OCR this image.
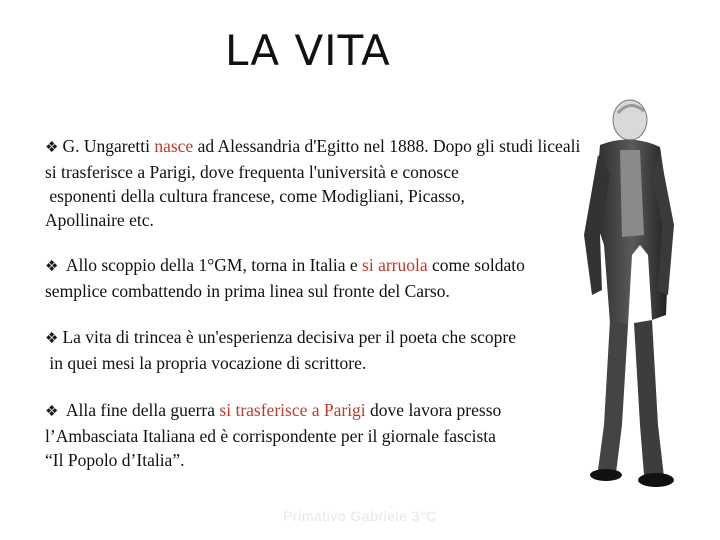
LA VITA
❖ G. Ungaretti nasce ad Alessandria d'Egitto nel 1888. Dopo gli studi liceali
si trasferisce a Parigi, dove frequenta l'università e conosce
esponenti della cultura francese, come Modigliani, Picasso,
Apollinaire etc.
❖ Allo scoppio della 1°GM, torna in Italia e si arruola come soldato
semplice combattendo in prima linea sul fronte del Carso.
❖ La vita di trincea è un'esperienza decisiva per il poeta che scopre
in quei mesi la propria vocazione di scrittore.
❖ Alla fine della guerra si trasferisce a Parigi dove lavora presso
l’Ambasciata Italiana ed è corrispondente per il giornale fascista
“Il Popolo d’Italia”.
Primativo Gabriele 3°C
